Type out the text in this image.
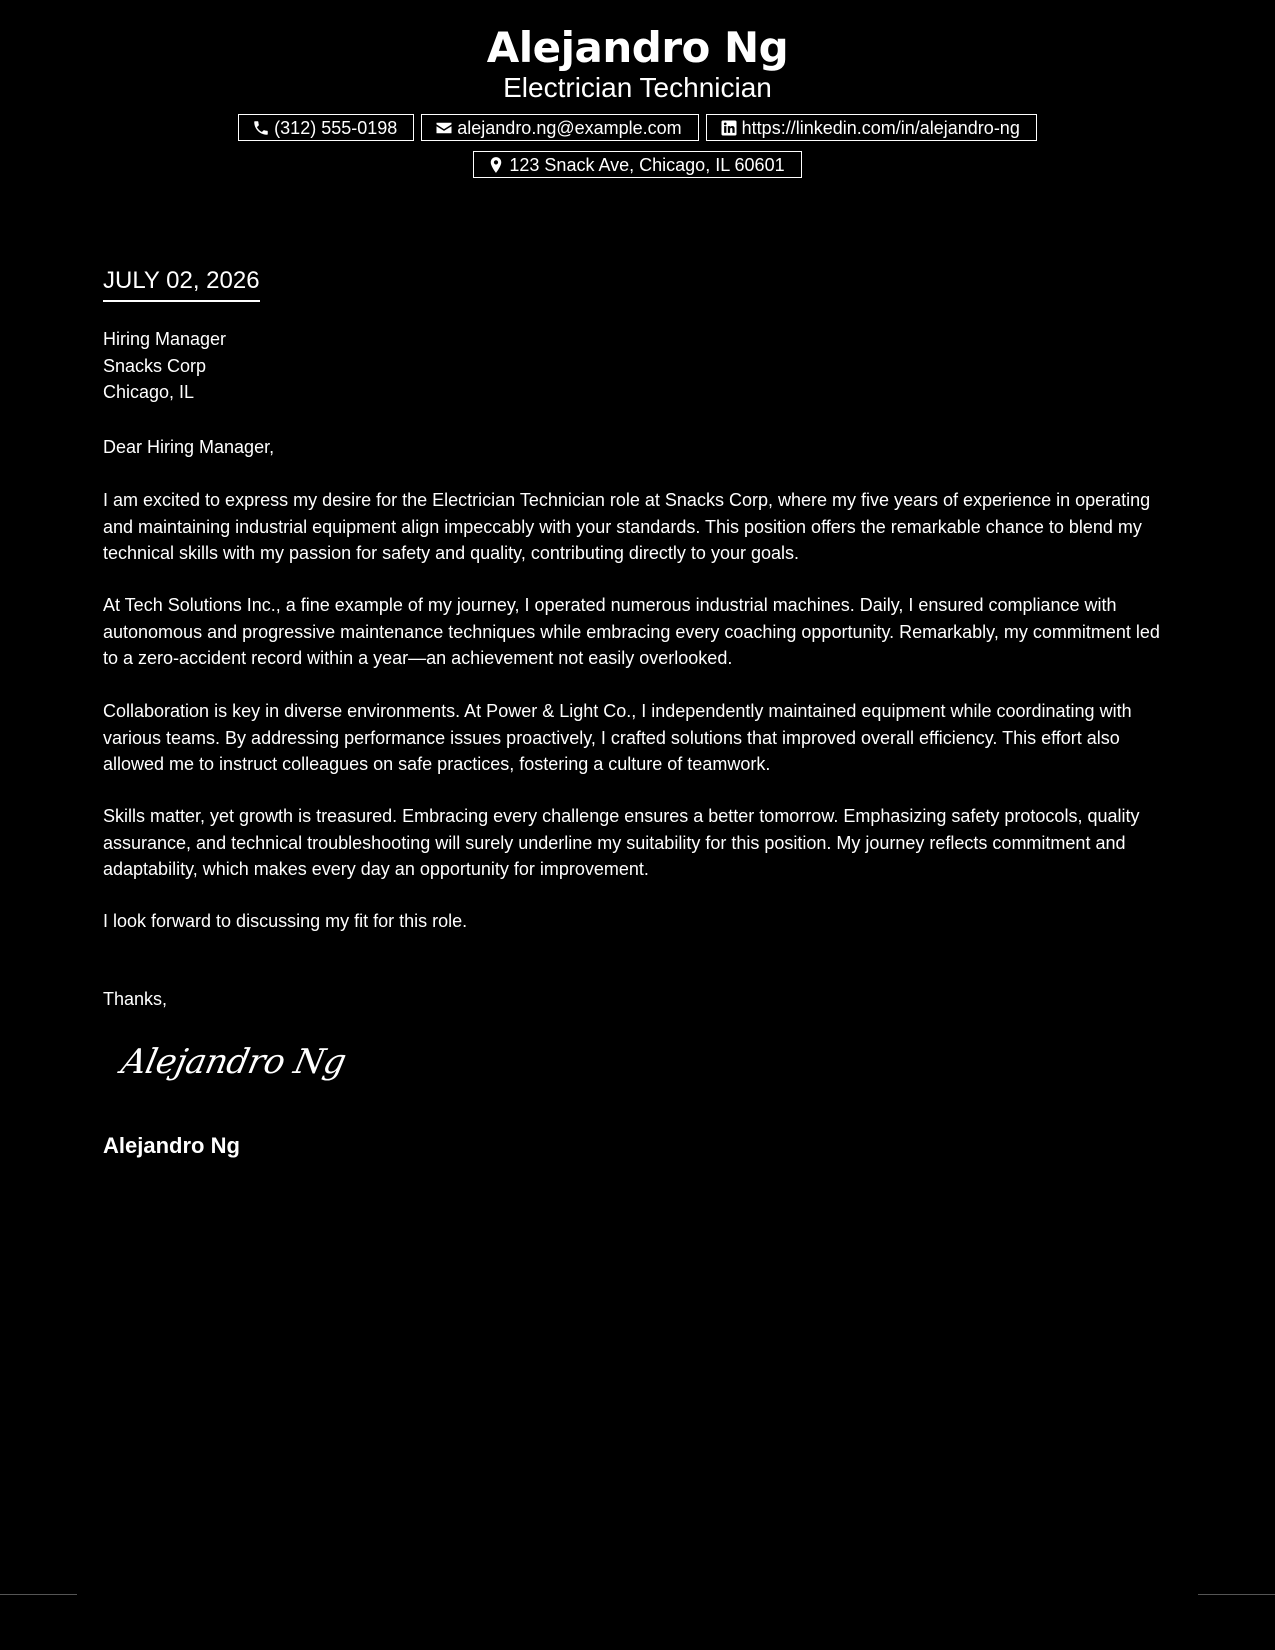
Alejandro Ng
Electrician Technician
(312) 555-0198	alejandro.ng@example.com	https://linkedin.com/in/alejandro-ng
123 Snack Ave, Chicago, IL 60601
JULY 02, 2026
Hiring Manager
Snacks Corp
Chicago, IL
Dear Hiring Manager,
I am excited to express my desire for the Electrician Technician role at Snacks Corp, where my five years of experience in operating and maintaining industrial equipment align impeccably with your standards. This position offers the remarkable chance to blend my technical skills with my passion for safety and quality, contributing directly to your goals.
At Tech Solutions Inc., a fine example of my journey, I operated numerous industrial machines. Daily, I ensured compliance with autonomous and progressive maintenance techniques while embracing every coaching opportunity. Remarkably, my commitment led to a zero-accident record within a year—an achievement not easily overlooked.
Collaboration is key in diverse environments. At Power & Light Co., I independently maintained equipment while coordinating with various teams. By addressing performance issues proactively, I crafted solutions that improved overall efficiency. This effort also allowed me to instruct colleagues on safe practices, fostering a culture of teamwork.
Skills matter, yet growth is treasured. Embracing every challenge ensures a better tomorrow. Emphasizing safety protocols, quality assurance, and technical troubleshooting will surely underline my suitability for this position. My journey reflects commitment and adaptability, which makes every day an opportunity for improvement.
I look forward to discussing my fit for this role.
Thanks,
Alejandro Ng
Alejandro Ng
